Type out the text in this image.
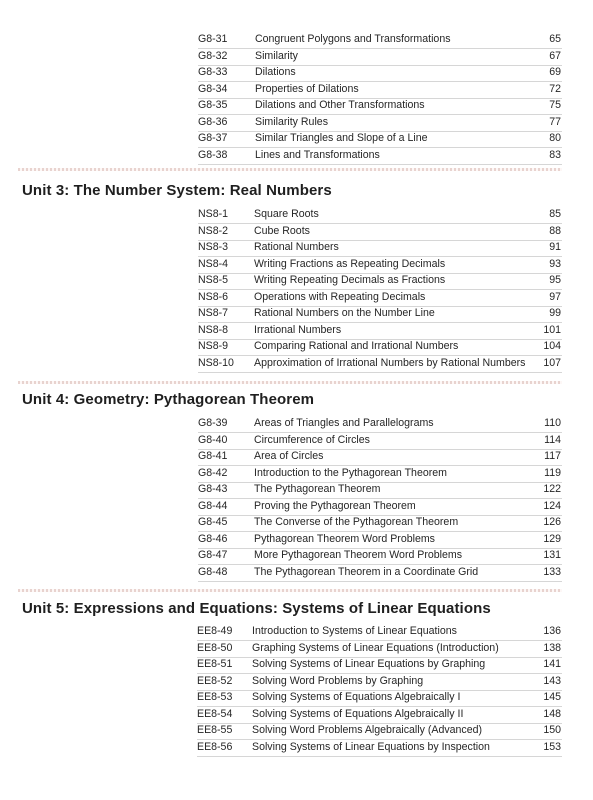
G8-31	Congruent Polygons and Transformations	65
G8-32	Similarity	67
G8-33	Dilations	69
G8-34	Properties of Dilations	72
G8-35	Dilations and Other Transformations	75
G8-36	Similarity Rules	77
G8-37	Similar Triangles and Slope of a Line	80
G8-38	Lines and Transformations	83
Unit 3: The Number System: Real Numbers
NS8-1 Square Roots	85
NS8-2 Cube Roots	88
NS8-3 Rational Numbers	91
NS8-4 Writing Fractions as Repeating Decimals	93
NS8-5 Writing Repeating Decimals as Fractions	95
NS8-6 Operations with Repeating Decimals	97
NS8-7 Rational Numbers on the Number Line	99
NS8-8 Irrational Numbers	101
NS8-9 Comparing Rational and Irrational Numbers	104
NS8-10 Approximation of Irrational Numbers by Rational Numbers 107
Unit 4: Geometry: Pythagorean Theorem
G8-39	Areas of Triangles and Parallelograms	110
G8-40	Circumference of Circles	114
G8-41	Area of Circles	117
G8-42	Introduction to the Pythagorean Theorem	119
G8-43	The Pythagorean Theorem	122
G8-44	Proving the Pythagorean Theorem	124
G8-45	The Converse of the Pythagorean Theorem	126
G8-46	Pythagorean Theorem Word Problems	129
G8-47	More Pythagorean Theorem Word Problems	131
G8-48	The Pythagorean Theorem in a Coordinate Grid	133
Unit 5: Expressions and Equations: Systems of Linear Equations
EE8-49 Introduction to Systems of Linear Equations	136
EE8-50 Graphing Systems of Linear Equations (Introduction)	138
EE8-51 Solving Systems of Linear Equations by Graphing	141
EE8-52 Solving Word Problems by Graphing	143
EE8-53 Solving Systems of Equations Algebraically I	145
EE8-54 Solving Systems of Equations Algebraically II	148
EE8-55 Solving Word Problems Algebraically (Advanced)	150
EE8-56 Solving Systems of Linear Equations by Inspection	153
